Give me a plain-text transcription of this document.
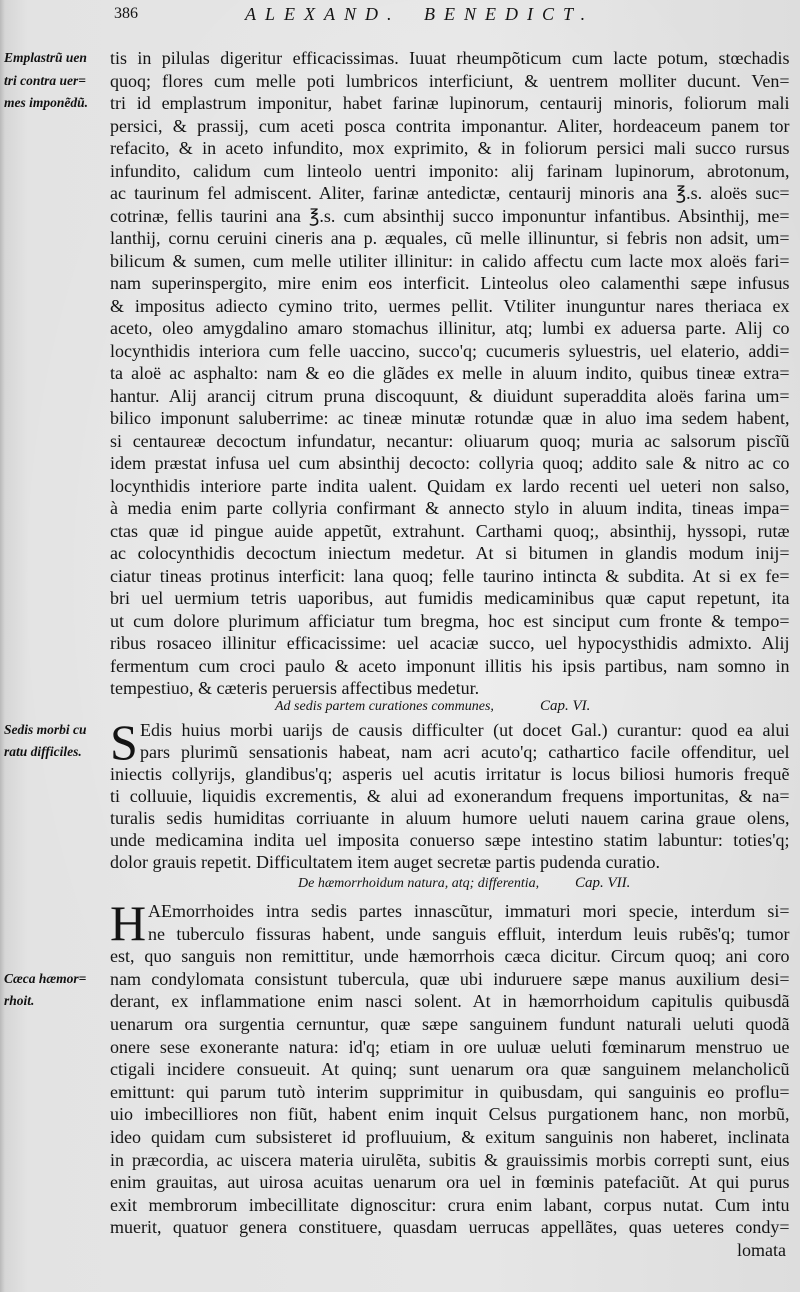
386	ALEXAND. BENEDICT.
Emplastrũ uen
tri contra uer=
mes imponẽdũ.
Sedis morbi cu
ratu difficiles.
Cæca hæmor=
rhoit.
tis in pilulas digeritur efficacissimas. Iuuat rheumpõticum cum lacte potum, stœchadis
quoq; flores cum melle poti lumbricos interficiunt, & uentrem molliter ducunt. Ven=
tri id emplastrum imponitur, habet farinæ lupinorum, centaurij minoris, foliorum mali
persici, & prassij, cum aceti posca contrita imponantur. Aliter, hordeaceum panem tor
refacito, & in aceto infundito, mox exprimito, & in foliorum persici mali succo rursus
infundito, calidum cum linteolo uentri imponito: alij farinam lupinorum, abrotonum,
ac taurinum fel admiscent. Aliter, farinæ antedictæ, centaurij minoris ana ℥.s. aloës suc=
cotrinæ, fellis taurini ana ℥.s. cum absinthij succo imponuntur infantibus. Absinthij, me=
lanthij, cornu ceruini cineris ana p. æquales, cũ melle illinuntur, si febris non adsit, um=
bilicum & sumen, cum melle utiliter illinitur: in calido affectu cum lacte mox aloës fari=
nam superinspergito, mire enim eos interficit. Linteolus oleo calamenthi sæpe infusus
& impositus adiecto cymino trito, uermes pellit. Vtiliter inunguntur nares theriaca ex
aceto, oleo amygdalino amaro stomachus illinitur, atq; lumbi ex aduersa parte. Alij co
locynthidis interiora cum felle uaccino, succo'q; cucumeris syluestris, uel elaterio, addi=
ta aloë ac asphalto: nam & eo die glãdes ex melle in aluum indito, quibus tineæ extra=
hantur. Alij arancij citrum pruna discoquunt, & diuidunt superaddita aloës farina um=
bilico imponunt saluberrime: ac tineæ minutæ rotundæ quæ in aluo ima sedem habent,
si centaureæ decoctum infundatur, necantur: oliuarum quoq; muria ac salsorum piscĩũ
idem præstat infusa uel cum absinthij decocto: collyria quoq; addito sale & nitro ac co
locynthidis interiore parte indita ualent. Quidam ex lardo recenti uel ueteri non salso,
à media enim parte collyria confirmant & annecto stylo in aluum indita, tineas impa=
ctas quæ id pingue auide appetũt, extrahunt. Carthami quoq;, absinthij, hyssopi, rutæ
ac colocynthidis decoctum iniectum medetur. At si bitumen in glandis modum inij=
ciatur tineas protinus interficit: lana quoq; felle taurino intincta & subdita. At si ex fe=
bri uel uermium tetris uaporibus, aut fumidis medicaminibus quæ caput repetunt, ita
ut cum dolore plurimum afficiatur tum bregma, hoc est sinciput cum fronte & tempo=
ribus rosaceo illinitur efficacissime: uel acaciæ succo, uel hypocysthidis admixto. Alij
fermentum cum croci paulo & aceto imponunt illitis his ipsis partibus, nam somno in
tempestiuo, & cæteris peruersis affectibus medetur.
Ad sedis partem curationes communes,	Cap. VI.
S Edis huius morbi uarijs de causis difficulter (ut docet Gal.) curantur: quod ea alui
pars plurimũ sensationis habeat, nam acri acuto'q; cathartico facile offenditur, uel
iniectis collyrijs, glandibus'q; asperis uel acutis irritatur is locus biliosi humoris frequẽ
ti colluuie, liquidis excrementis, & alui ad exonerandum frequens importunitas, & na=
turalis sedis humiditas corriuante in aluum humore ueluti nauem carina graue olens,
unde medicamina indita uel imposita conuerso sæpe intestino statim labuntur: toties'q;
dolor grauis repetit. Difficultatem item auget secretæ partis pudenda curatio.
De hæmorrhoidum natura, atq; differentia, Cap. VII.
H AEmorrhoides intra sedis partes innascũtur, immaturi mori specie, interdum si=
ne tuberculo fissuras habent, unde sanguis effluit, interdum leuis rubẽs'q; tumor
est, quo sanguis non remittitur, unde hæmorrhois cæca dicitur. Circum quoq; ani coro
nam condylomata consistunt tubercula, quæ ubi induruere sæpe manus auxilium desi=
derant, ex inflammatione enim nasci solent. At in hæmorrhoidum capitulis quibusdã
uenarum ora surgentia cernuntur, quæ sæpe sanguinem fundunt naturali ueluti quodã
onere sese exonerante natura: id'q; etiam in ore uuluæ ueluti fœminarum menstruo ue
ctigali incidere consueuit. At quinq; sunt uenarum ora quæ sanguinem melancholicũ
emittunt: qui parum tutò interim supprimitur in quibusdam, qui sanguinis eo proflu=
uio imbecilliores non fiũt, habent enim inquit Celsus purgationem hanc, non morbũ,
ideo quidam cum subsisteret id profluuium, & exitum sanguinis non haberet, inclinata
in præcordia, ac uiscera materia uirulẽta, subitis & grauissimis morbis correpti sunt, eius
enim grauitas, aut uirosa acuitas uenarum ora uel in fœminis patefaciũt. At qui purus
exit membrorum imbecillitate dignoscitur: crura enim labant, corpus nutat. Cum intu
muerit, quatuor genera constituere, quasdam uerrucas appellãtes, quas ueteres condy=
lomata
